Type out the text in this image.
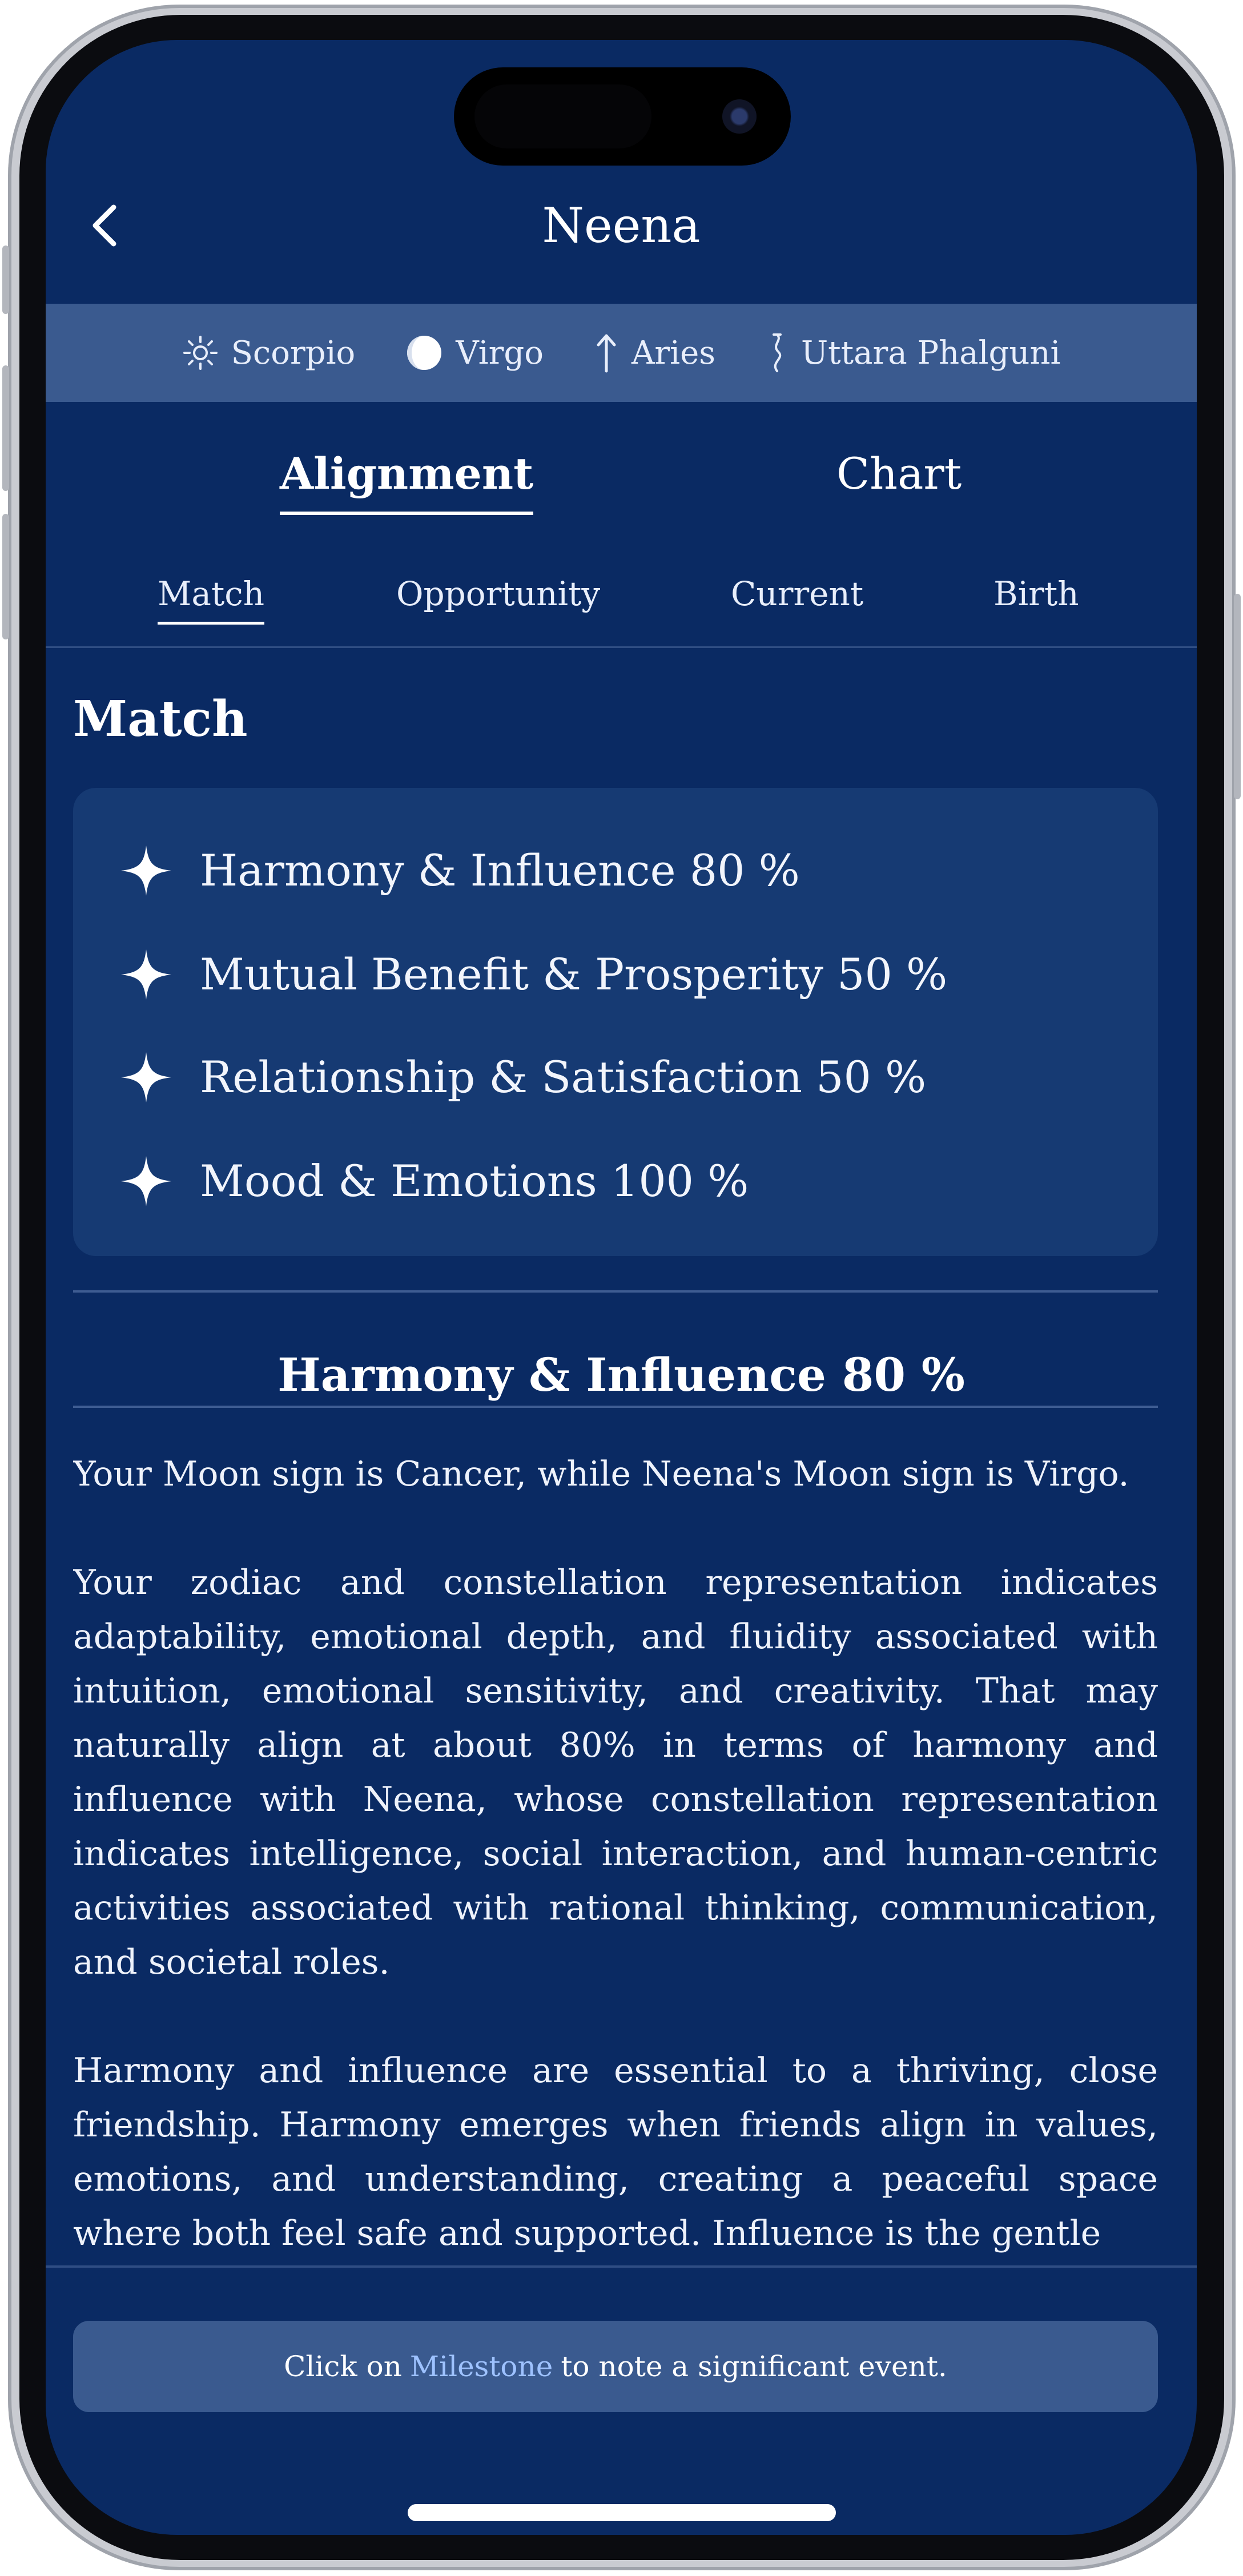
Neena
Scorpio	Virgo	Aries	Uttara Phalguni
Alignment	Chart
Match	Opportunity	Current	Birth
Match
Harmony & Influence 80 %
Mutual Benefit & Prosperity 50 %
Relationship & Satisfaction 50 %
Mood & Emotions 100 %
Harmony & Influence 80 %

Your Moon sign is Cancer, while Neena's Moon sign is Virgo.

Your zodiac and constellation representation indicates adaptability, emotional depth, and fluidity associated with intuition, emotional sensitivity, and creativity. That may naturally align at about 80% in terms of harmony and influence with Neena, whose constellation representation indicates intelligence, social interaction, and human-centric activities associated with rational thinking, communication, and societal roles.

Harmony and influence are essential to a thriving, close friendship. Harmony emerges when friends align in values, emotions, and understanding, creating a peaceful space where both feel safe and supported. Influence is the gentle

Click on Milestone to note a significant event.
